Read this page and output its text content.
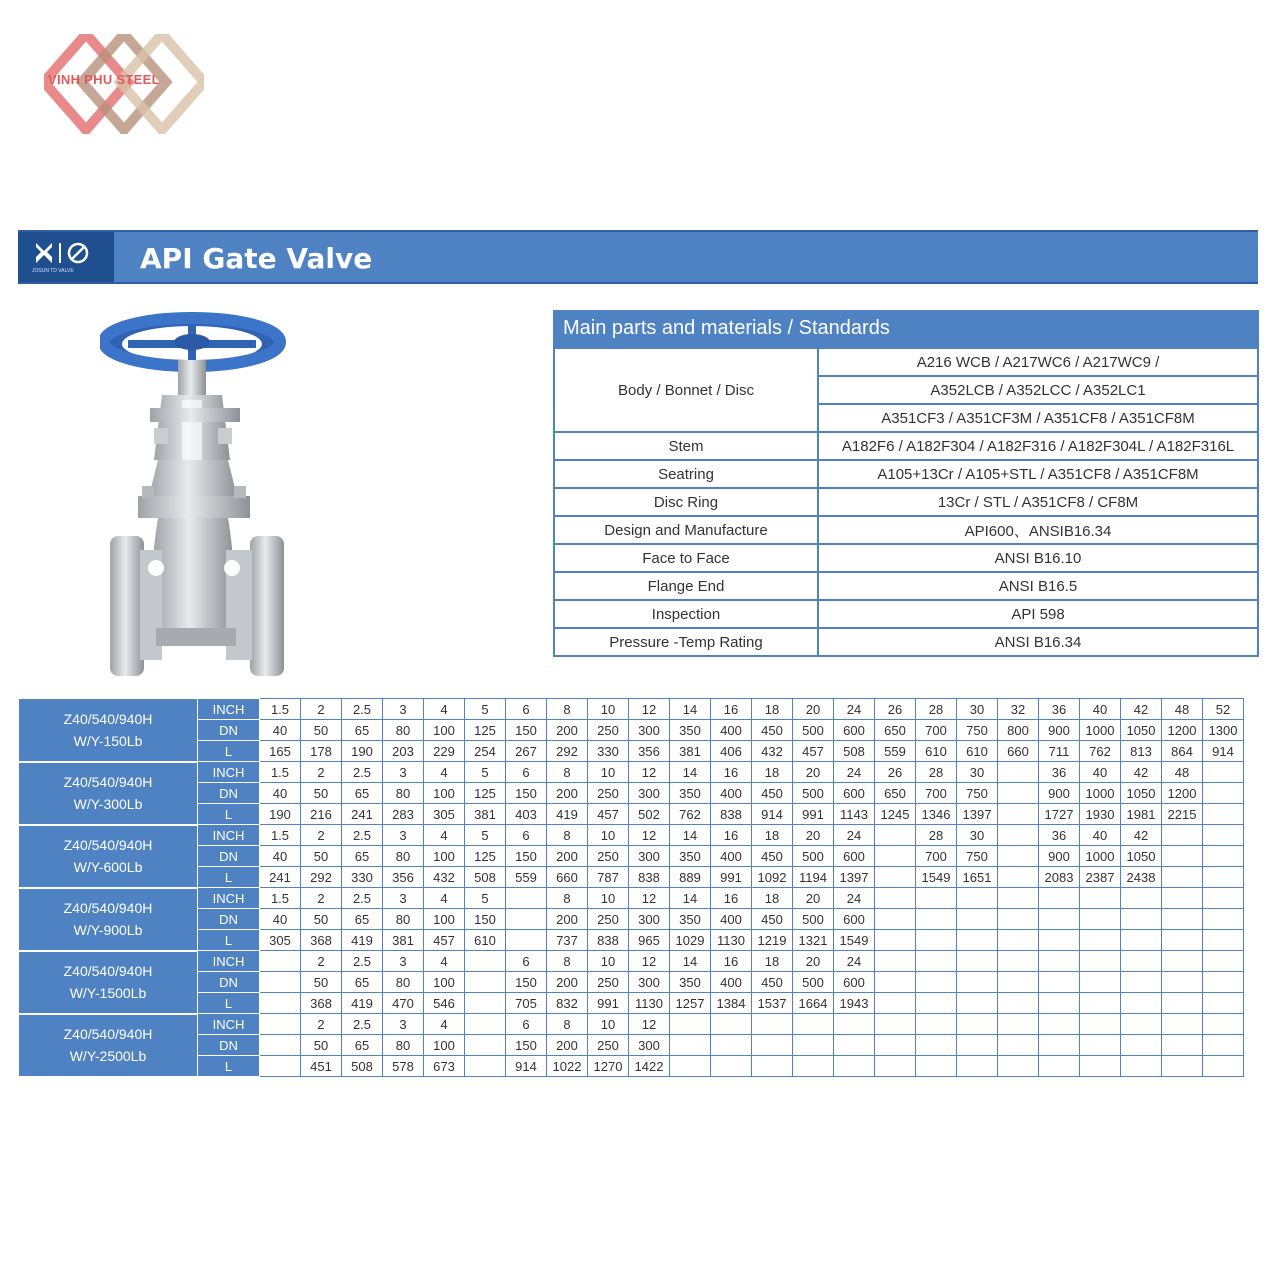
VINH PHU STEEL
JOSUN TD VALVE API Gate Valve
Main parts and materials / Standards
Body / Bonnet / Disc	A216 WCB / A217WC6 / A217WC9 /
	A352LCB / A352LCC / A352LC1
	A351CF3 / A351CF3M / A351CF8 / A351CF8M
Stem	A182F6 / A182F304 / A182F316 / A182F304L / A182F316L
Seatring	A105+13Cr / A105+STL / A351CF8 / A351CF8M
Disc Ring	13Cr / STL / A351CF8 / CF8M
Design and Manufacture	API600、ANSIB16.34
Face to Face	ANSI B16.10
Flange End	ANSI B16.5
Inspection	API 598
Pressure -Temp Rating	ANSI B16.34
Z40/540/940H
W/Y-150Lb	INCH	1.5	2	2.5	3	4	5	6	8	10	12	14	16	18	20	24	26	28	30	32	36	40	42	48	52
	DN	40	50	65	80	100	125	150	200	250	300	350	400	450	500	600	650	700	750	800	900	1000	1050	1200	1300
	L	165	178	190	203	229	254	267	292	330	356	381	406	432	457	508	559	610	610	660	711	762	813	864	914

Z40/540/940H
W/Y-300Lb	INCH	1.5	2	2.5	3	4	5	6	8	10	12	14	16	18	20	24	26	28	30		36	40	42	48	
	DN	40	50	65	80	100	125	150	200	250	300	350	400	450	500	600	650	700	750		900	1000	1050	1200	
	L	190	216	241	283	305	381	403	419	457	502	762	838	914	991	1143	1245	1346	1397		1727	1930	1981	2215	

Z40/540/940H
W/Y-600Lb	INCH	1.5	2	2.5	3	4	5	6	8	10	12	14	16	18	20	24		28	30		36	40	42		
	DN	40	50	65	80	100	125	150	200	250	300	350	400	450	500	600		700	750		900	1000	1050		
	L	241	292	330	356	432	508	559	660	787	838	889	991	1092	1194	1397		1549	1651		2083	2387	2438		

Z40/540/940H
W/Y-900Lb	INCH	1.5	2	2.5	3	4	5		8	10	12	14	16	18	20	24									
	DN	40	50	65	80	100	150		200	250	300	350	400	450	500	600									
	L	305	368	419	381	457	610		737	838	965	1029	1130	1219	1321	1549									

Z40/540/940H
W/Y-1500Lb	INCH		2	2.5	3	4		6	8	10	12	14	16	18	20	24									
	DN		50	65	80	100		150	200	250	300	350	400	450	500	600									
	L		368	419	470	546		705	832	991	1130	1257	1384	1537	1664	1943									

Z40/540/940H
W/Y-2500Lb	INCH		2	2.5	3	4		6	8	10	12														
	DN		50	65	80	100		150	200	250	300														
	L		451	508	578	673		914	1022	1270	1422														
